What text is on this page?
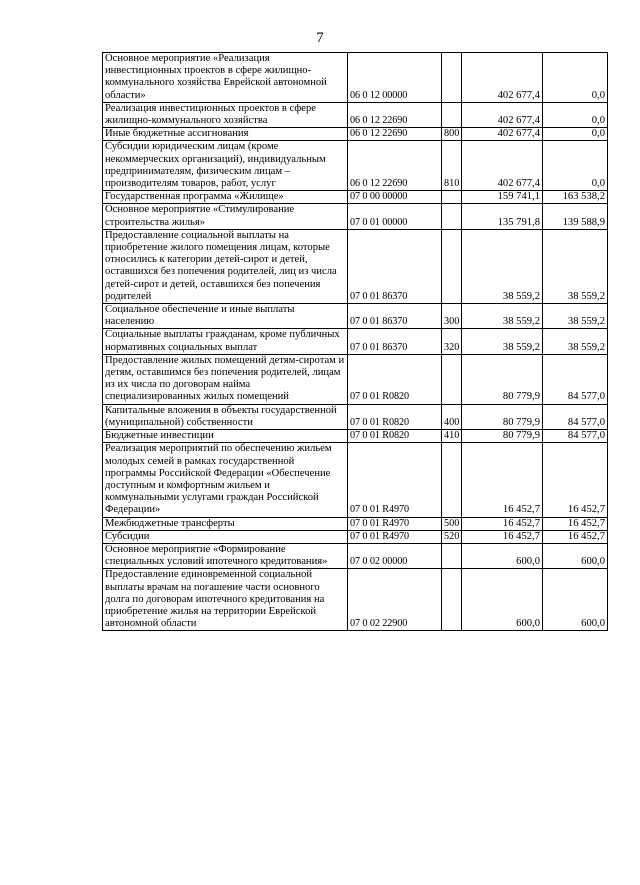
7
Основное мероприятие «Реализация инвестиционных проектов в сфере жилищно-коммунального хозяйства Еврейской автономной области»	06 0 12 00000		402 677,4	0,0
Реализация инвестиционных проектов в сфере жилищно-коммунального хозяйства	06 0 12 22690		402 677,4	0,0
Иные бюджетные ассигнования	06 0 12 22690	800	402 677,4	0,0
Субсидии юридическим лицам (кроме некоммерческих организаций), индивидуальным предпринимателям, физическим лицам – производителям товаров, работ, услуг	06 0 12 22690	810	402 677,4	0,0
Государственная программа «Жилище»	07 0 00 00000		159 741,1	163 538,2
Основное мероприятие «Стимулирование строительства жилья»	07 0 01 00000		135 791,8	139 588,9
Предоставление социальной выплаты на приобретение жилого помещения лицам, которые относились к категории детей-сирот и детей, оставшихся без попечения родителей, лиц из числа детей-сирот и детей, оставшихся без попечения родителей	07 0 01 86370		38 559,2	38 559,2
Социальное обеспечение и иные выплаты населению	07 0 01 86370	300	38 559,2	38 559,2
Социальные выплаты гражданам, кроме публичных нормативных социальных выплат	07 0 01 86370	320	38 559,2	38 559,2
Предоставление жилых помещений детям-сиротам и детям, оставшимся без попечения родителей, лицам из их числа по договорам найма специализированных жилых помещений	07 0 01 R0820		80 779,9	84 577,0
Капитальные вложения в объекты государственной (муниципальной) собственности	07 0 01 R0820	400	80 779,9	84 577,0
Бюджетные инвестиции	07 0 01 R0820	410	80 779,9	84 577,0
Реализация мероприятий по обеспечению жильем молодых семей в рамках государственной программы Российской Федерации «Обеспечение доступным и комфортным жильем и коммунальными услугами граждан Российской Федерации»	07 0 01 R4970		16 452,7	16 452,7
Межбюджетные трансферты	07 0 01 R4970	500	16 452,7	16 452,7
Субсидии	07 0 01 R4970	520	16 452,7	16 452,7
Основное мероприятие «Формирование специальных условий ипотечного кредитования»	07 0 02 00000		600,0	600,0
Предоставление единовременной социальной выплаты врачам на погашение части основного долга по договорам ипотечного кредитования на приобретение жилья на территории Еврейской автономной области	07 0 02 22900		600,0	600,0
